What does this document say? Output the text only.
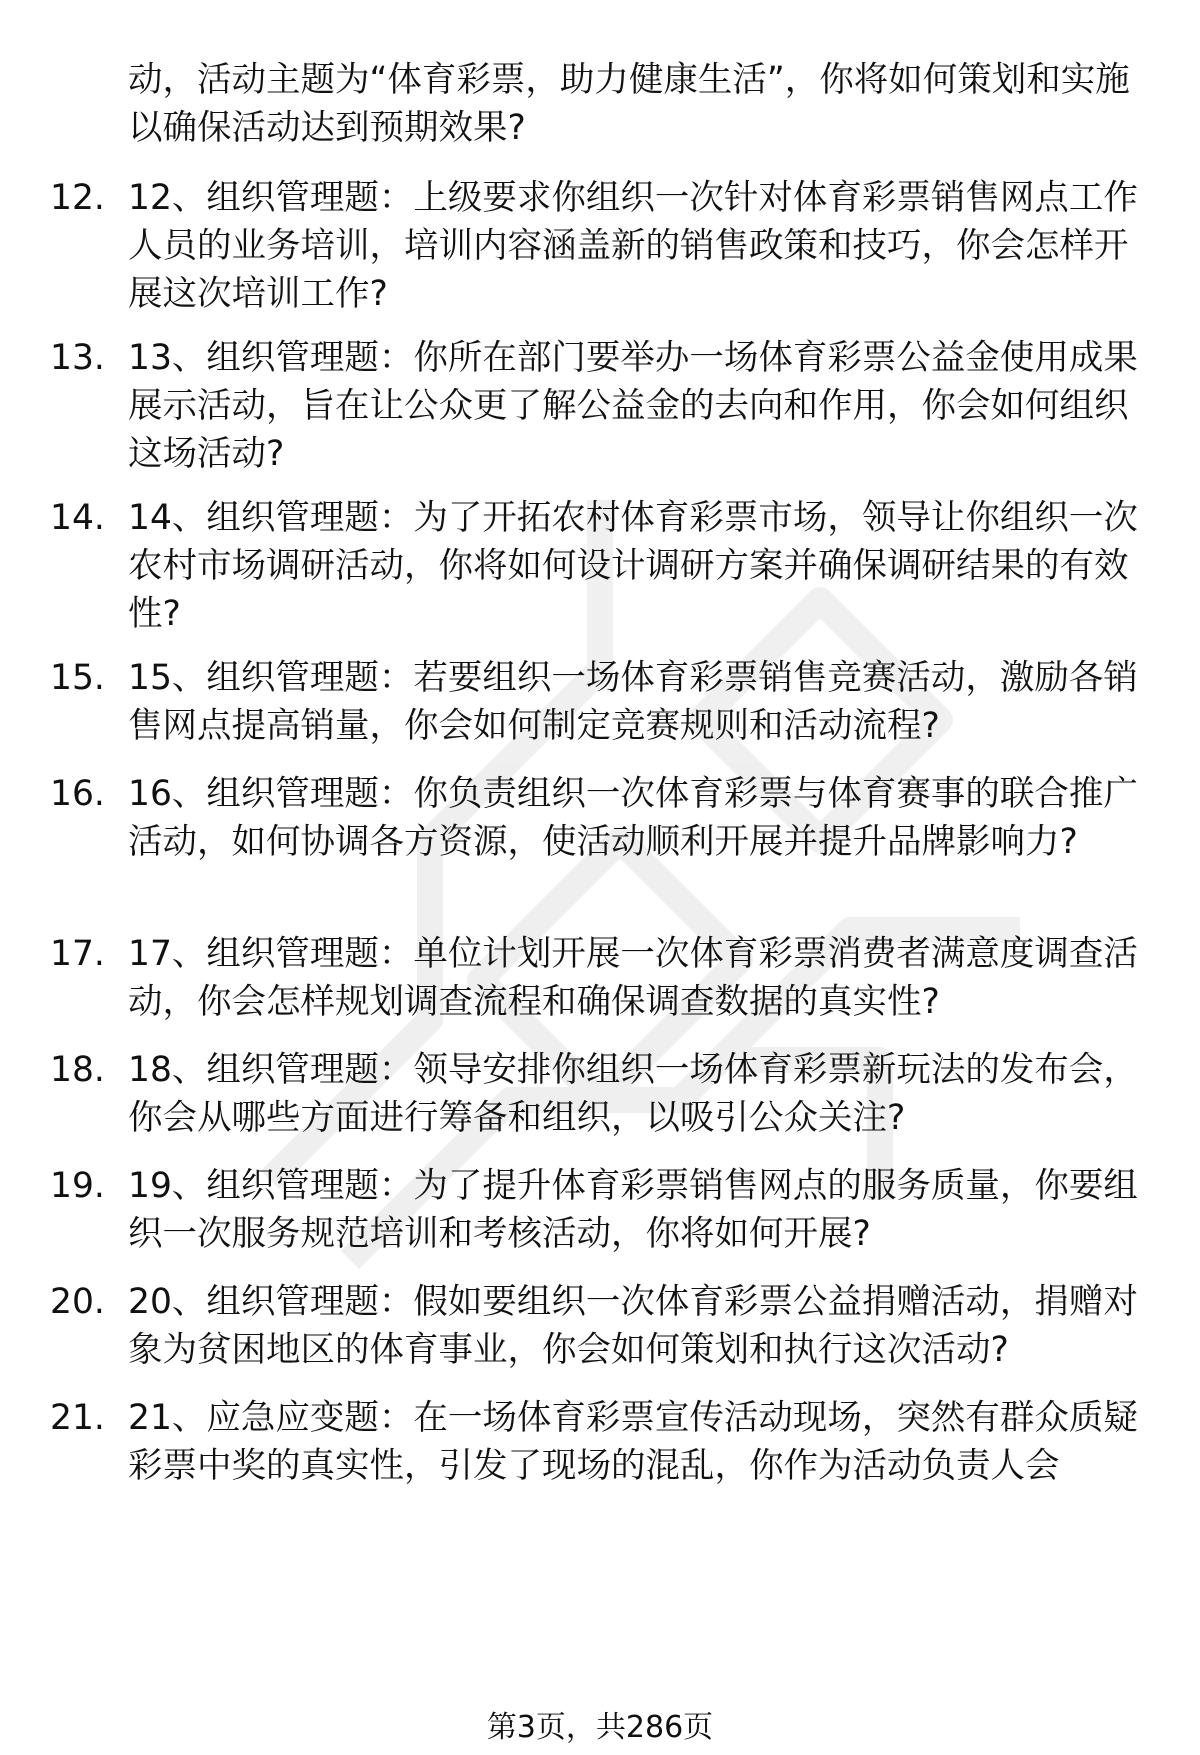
动，活动主题为“体育彩票，助力健康生活”，你将如何策划和实施以确保活动达到预期效果?

12. 12、组织管理题：上级要求你组织一次针对体育彩票销售网点工作人员的业务培训，培训内容涵盖新的销售政策和技巧，你会怎样开展这次培训工作?

13. 13、组织管理题：你所在部门要举办一场体育彩票公益金使用成果展示活动，旨在让公众更了解公益金的去向和作用，你会如何组织这场活动?

14. 14、组织管理题：为了开拓农村体育彩票市场，领导让你组织一次农村市场调研活动，你将如何设计调研方案并确保调研结果的有效性?

15. 15、组织管理题：若要组织一场体育彩票销售竞赛活动，激励各销售网点提高销量，你会如何制定竞赛规则和活动流程?

16. 16、组织管理题：你负责组织一次体育彩票与体育赛事的联合推广活动，如何协调各方资源，使活动顺利开展并提升品牌影响力?

17. 17、组织管理题：单位计划开展一次体育彩票消费者满意度调查活动，你会怎样规划调查流程和确保调查数据的真实性?

18. 18、组织管理题：领导安排你组织一场体育彩票新玩法的发布会，你会从哪些方面进行筹备和组织，以吸引公众关注?

19. 19、组织管理题：为了提升体育彩票销售网点的服务质量，你要组织一次服务规范培训和考核活动，你将如何开展?

20. 20、组织管理题：假如要组织一次体育彩票公益捐赠活动，捐赠对象为贫困地区的体育事业，你会如何策划和执行这次活动?

21. 21、应急应变题：在一场体育彩票宣传活动现场，突然有群众质疑彩票中奖的真实性，引发了现场的混乱，你作为活动负责人会

第3页，共286页
